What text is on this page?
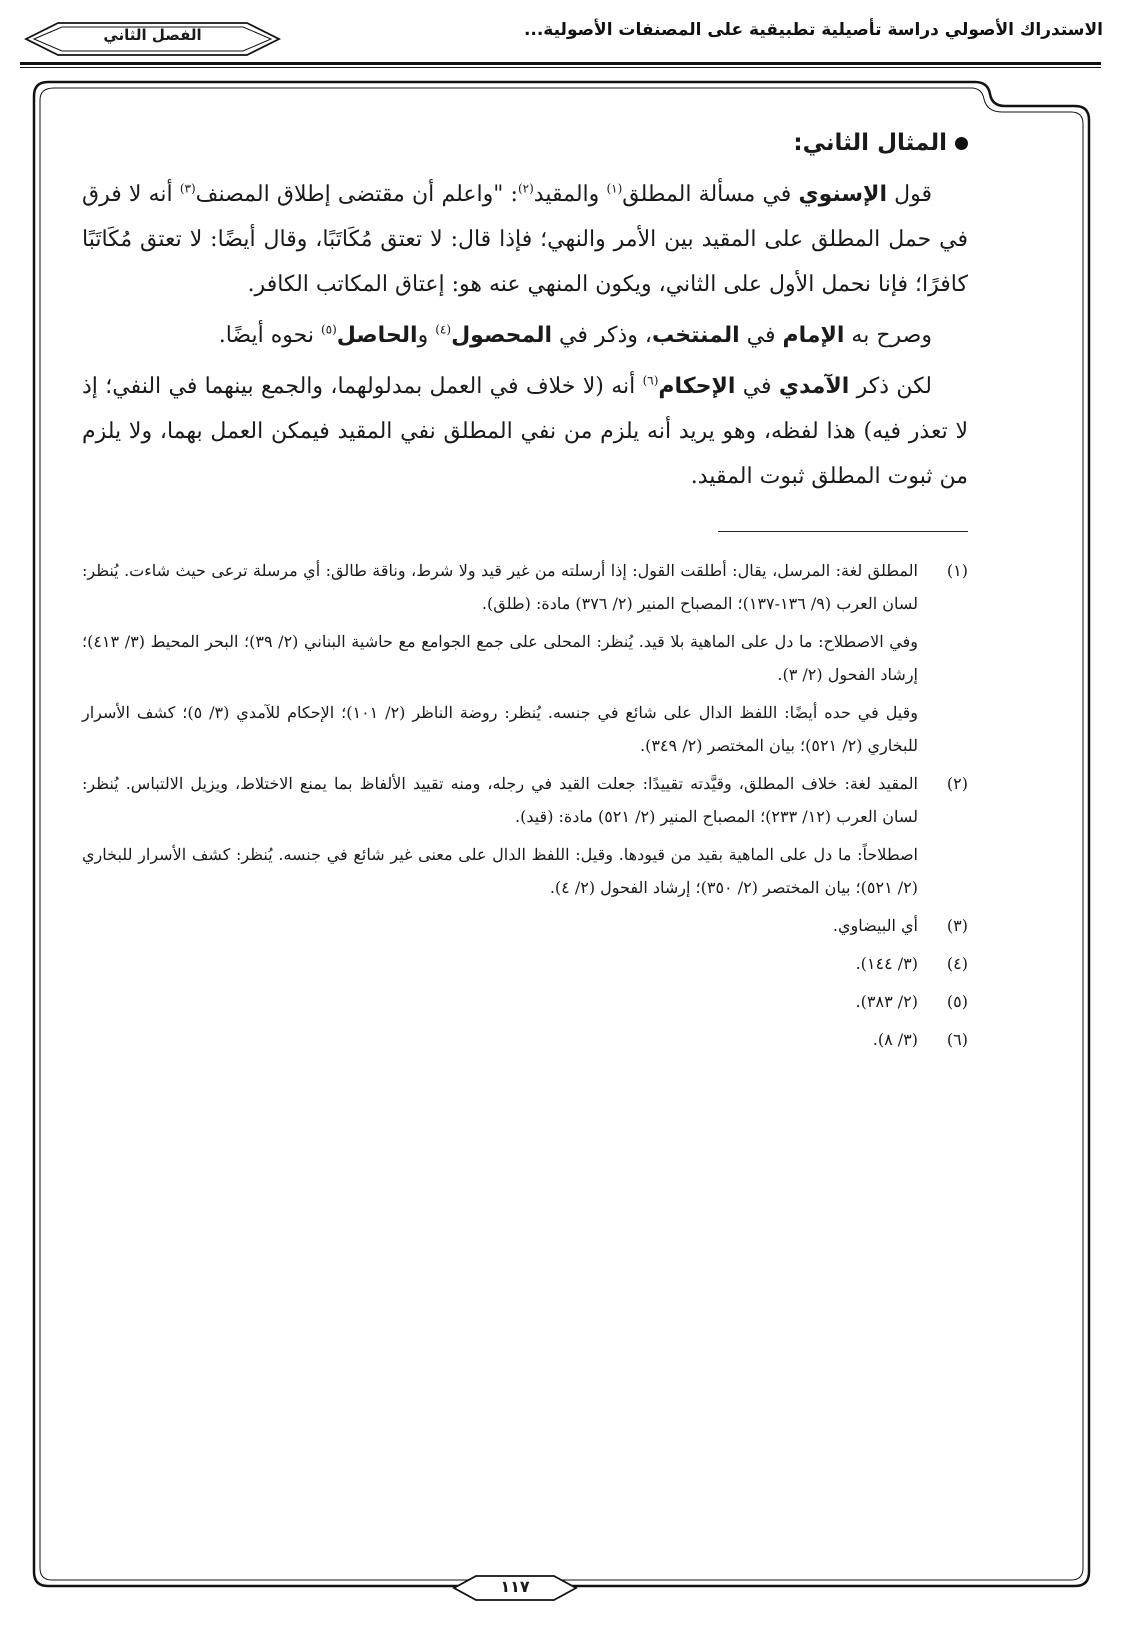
الاستدراك الأصولي دراسة تأصيلية تطبيقية على المصنفات الأصولية...
الفصل الثاني

المثال الثاني:

قول الإسنوي في مسألة المطلق$^{(١)}$ والمقيد$^{(٢)}$: "واعلم أن مقتضى إطلاق المصنف$^{(٣)}$ أنه لا فرق في حمل المطلق على المقيد بين الأمر والنهي؛ فإذا قال: لا تعتق مُكَاتَبًا، وقال أيضًا: لا تعتق مُكَاتَبًا كافرًا؛ فإنا نحمل الأول على الثاني، ويكون المنهي عنه هو: إعتاق المكاتب الكافر.

وصرح به الإمام في المنتخب، وذكر في المحصول$^{(٤)}$ والحاصل$^{(٥)}$ نحوه أيضًا.

لكن ذكر الآمدي في الإحكام$^{(٦)}$ أنه (لا خلاف في العمل بمدلولهما، والجمع بينهما في النفي؛ إذ لا تعذر فيه) هذا لفظه، وهو يريد أنه يلزم من نفي المطلق نفي المقيد فيمكن العمل بهما، ولا يلزم من ثبوت المطلق ثبوت المقيد.

(١)
المطلق لغة: المرسل، يقال: أطلقت القول: إذا أرسلته من غير قيد ولا شرط، وناقة طالق: أي مرسلة ترعى حيث شاءت. يُنظر: لسان العرب (٩/ ١٣٦-١٣٧)؛ المصباح المنير (٢/ ٣٧٦) مادة: (طلق).

وفي الاصطلاح: ما دل على الماهية بلا قيد. يُنظر: المحلى على جمع الجوامع مع حاشية البناني (٢/ ٣٩)؛ البحر المحيط (٣/ ٤١٣)؛ إرشاد الفحول (٢/ ٣).

وقيل في حده أيضًا: اللفظ الدال على شائع في جنسه. يُنظر: روضة الناظر (٢/ ١٠١)؛ الإحكام للآمدي (٣/ ٥)؛ كشف الأسرار للبخاري (٢/ ٥٢١)؛ بيان المختصر (٢/ ٣٤٩).

(٢)
المقيد لغة: خلاف المطلق، وقيَّدته تقييدًا: جعلت القيد في رجله، ومنه تقييد الألفاظ بما يمنع الاختلاط، ويزيل الالتباس. يُنظر: لسان العرب (١٢/ ٢٣٣)؛ المصباح المنير (٢/ ٥٢١) مادة: (قيد).

اصطلاحاً: ما دل على الماهية بقيد من قيودها. وقيل: اللفظ الدال على معنى غير شائع في جنسه. يُنظر: كشف الأسرار للبخاري (٢/ ٥٢١)؛ بيان المختصر (٢/ ٣٥٠)؛ إرشاد الفحول (٢/ ٤).

(٣)
أي البيضاوي.
(٤)
(٣/ ١٤٤).
(٥)
(٢/ ٣٨٣).
(٦)
(٣/ ٨).
١١٧
